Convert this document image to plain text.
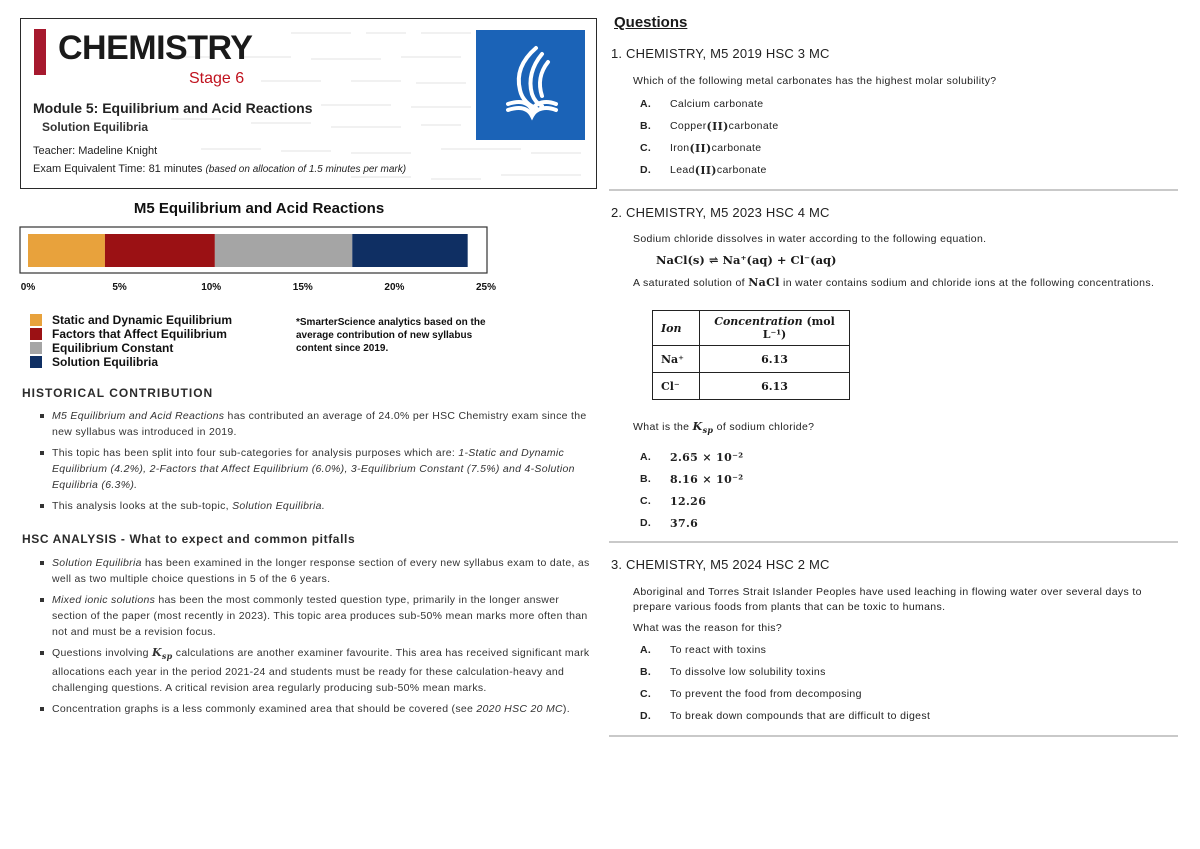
CHEMISTRY
Stage 6
Module 5: Equilibrium and Acid Reactions
Solution Equilibria
Teacher: Madeline Knight
Exam Equivalent Time: 81 minutes (based on allocation of 1.5 minutes per mark)
M5 Equilibrium and Acid Reactions
0%	5%	10%	15%	20%	25%
Static and Dynamic Equilibrium
Factors that Affect Equilibrium
Equilibrium Constant
Solution Equilibria
*SmarterScience analytics based on the average contribution of new syllabus content since 2019.
HISTORICAL CONTRIBUTION
M5 Equilibrium and Acid Reactions has contributed an average of 24.0% per HSC Chemistry exam since the new syllabus was introduced in 2019.
This topic has been split into four sub-categories for analysis purposes which are: 1-Static and Dynamic Equilibrium (4.2%), 2-Factors that Affect Equilibrium (6.0%), 3-Equilibrium Constant (7.5%) and 4-Solution Equilibria (6.3%).
This analysis looks at the sub-topic, Solution Equilibria.
HSC ANALYSIS - What to expect and common pitfalls
Solution Equilibria has been examined in the longer response section of every new syllabus exam to date, as well as two multiple choice questions in 5 of the 6 years.
Mixed ionic solutions has been the most commonly tested question type, primarily in the longer answer section of the paper (most recently in 2023). This topic area produces sub-50% mean marks more often than not and must be a revision focus.
Questions involving $K_{sp}$ calculations are another examiner favourite. This area has received significant mark allocations each year in the period 2021-24 and students must be ready for these calculation-heavy and challenging questions. A critical revision area regularly producing sub-50% mean marks.
Concentration graphs is a less commonly examined area that should be covered (see 2020 HSC 20 MC).
Questions
1. CHEMISTRY, M5 2019 HSC 3 MC
Which of the following metal carbonates has the highest molar solubility?
A.	Calcium carbonate
B.	Copper (II) carbonate
C.	Iron (II) carbonate
D.	Lead (II) carbonate
2. CHEMISTRY, M5 2023 HSC 4 MC
Sodium chloride dissolves in water according to the following equation.
NaCl(s) ⇌ Na⁺(aq) + Cl⁻(aq)
A saturated solution of NaCl in water contains sodium and chloride ions at the following concentrations.
Ion	Concentration (mol L⁻¹)
Na⁺	6.13
Cl⁻	6.13
What is the $K_{sp}$ of sodium chloride?
A.	2.65 × 10⁻²
B.	8.16 × 10⁻²
C.	12.26
D.	37.6
3. CHEMISTRY, M5 2024 HSC 2 MC
Aboriginal and Torres Strait Islander Peoples have used leaching in flowing water over several days to prepare various foods from plants that can be toxic to humans.
What was the reason for this?
A.	To react with toxins
B.	To dissolve low solubility toxins
C.	To prevent the food from decomposing
D.	To break down compounds that are difficult to digest
